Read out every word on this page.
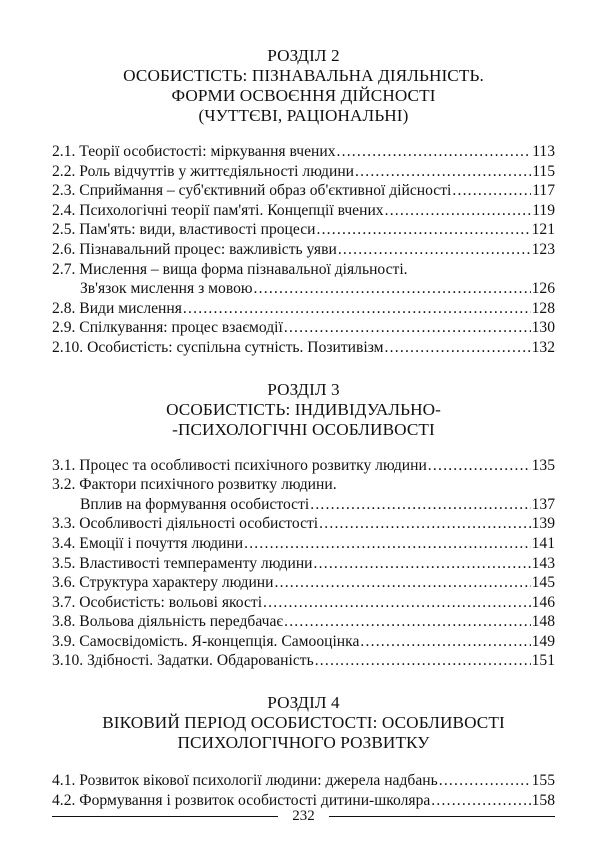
РОЗДІЛ 2
ОСОБИСТІСТЬ: ПІЗНАВАЛЬНА ДІЯЛЬНІСТЬ.
ФОРМИ ОСВОЄННЯ ДІЙСНОСТІ
(ЧУТТЄВІ, РАЦІОНАЛЬНІ)
2.1. Теорії особистості: міркування вчених .....	113
2.2. Роль відчуттів у життєдіяльності людини .....	115
2.3. Сприймання – суб'єктивний образ об'єктивної дійсності .....	117
2.4. Психологічні теорії пам'яті. Концепції вчених .....	119
2.5. Пам'ять: види, властивості процеси .....	121
2.6. Пізнавальний процес: важливість уяви .....	123
2.7. Мислення – вища форма пізнавальної діяльності.
Зв'язок мислення з мовою .....	126
2.8. Види мислення .....	128
2.9. Спілкування: процес взаємодії .....	130
2.10. Особистість: суспільна сутність. Позитивізм .....	132
РОЗДІЛ 3
ОСОБИСТІСТЬ: ІНДИВІДУАЛЬНО-
-ПСИХОЛОГІЧНІ ОСОБЛИВОСТІ
3.1. Процес та особливості психічного розвитку людини .....	135
3.2. Фактори психічного розвитку людини.
Вплив на формування особистості .....	137
3.3. Особливості діяльності особистості .....	139
3.4. Емоції і почуття людини .....	141
3.5. Властивості темпераменту людини .....	143
3.6. Структура характеру людини .....	145
3.7. Особистість: вольові якості .....	146
3.8. Вольова діяльність передбачає .....	148
3.9. Самосвідомість. Я-концепція. Самооцінка .....	149
3.10. Здібності. Задатки. Обдарованість .....	151
РОЗДІЛ 4
ВІКОВИЙ ПЕРІОД ОСОБИСТОСТІ: ОСОБЛИВОСТІ
ПСИХОЛОГІЧНОГО РОЗВИТКУ
4.1. Розвиток вікової психології людини: джерела надбань .....	155
4.2. Формування і розвиток особистості дитини-школяра .....	158
232
